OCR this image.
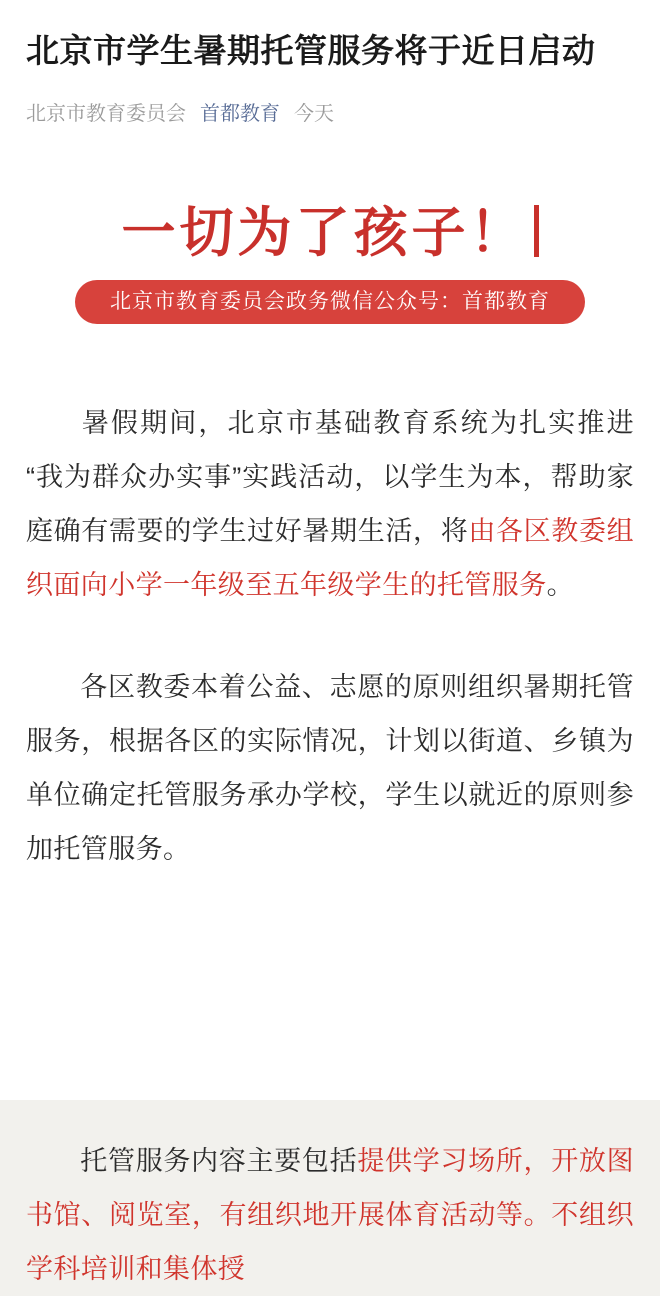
北京市学生暑期托管服务将于近日启动
北京市教育委员会 首都教育 今天
一切为了孩子！
北京市教育委员会政务微信公众号：首都教育

暑假期间，北京市基础教育系统为扎实推进“我为群众办实事”实践活动，以学生为本，帮助家庭确有需要的学生过好暑期生活，将由各区教委组织面向小学一年级至五年级学生的托管服务。

各区教委本着公益、志愿的原则组织暑期托管服务，根据各区的实际情况，计划以街道、乡镇为单位确定托管服务承办学校，学生以就近的原则参加托管服务。

托管服务内容主要包括提供学习场所，开放图书馆、阅览室，有组织地开展体育活动等。不组织学科培训和集体授
